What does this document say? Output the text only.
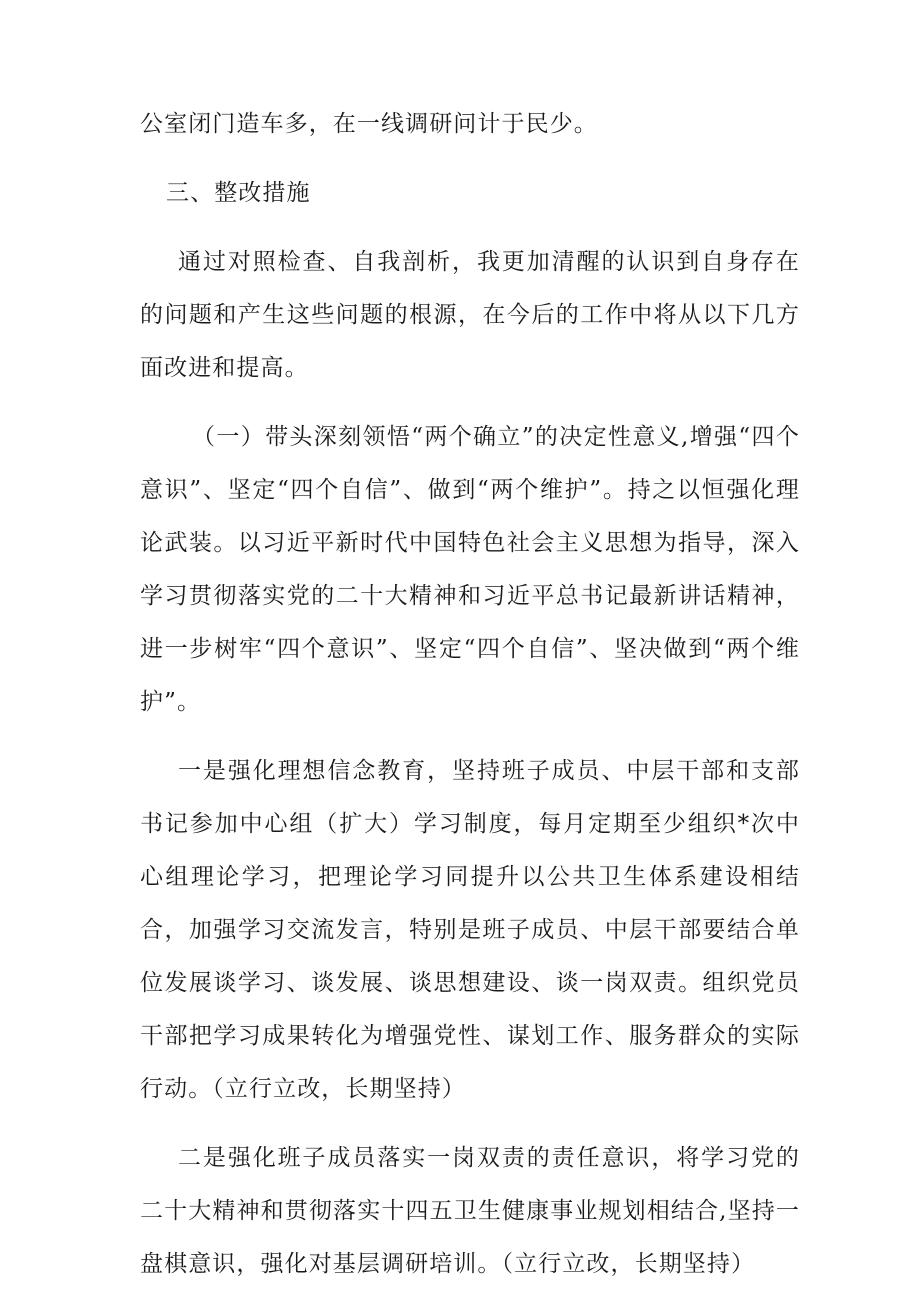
公室闭门造车多，在一线调研问计于民少。

三、整改措施

通过对照检查、自我剖析，我更加清醒的认识到自身存在的问题和产生这些问题的根源，在今后的工作中将从以下几方面改进和提高。

（一）带头深刻领悟“两个确立”的决定性意义,增强“四个意识”、坚定“四个自信”、做到“两个维护”。持之以恒强化理论武装。以习近平新时代中国特色社会主义思想为指导，深入学习贯彻落实党的二十大精神和习近平总书记最新讲话精神，进一步树牢“四个意识”、坚定“四个自信”、坚决做到“两个维护”。

一是强化理想信念教育，坚持班子成员、中层干部和支部书记参加中心组（扩大）学习制度，每月定期至少组织*次中心组理论学习，把理论学习同提升以公共卫生体系建设相结合，加强学习交流发言，特别是班子成员、中层干部要结合单位发展谈学习、谈发展、谈思想建设、谈一岗双责。组织党员干部把学习成果转化为增强党性、谋划工作、服务群众的实际行动。（立行立改，长期坚持）

二是强化班子成员落实一岗双责的责任意识，将学习党的二十大精神和贯彻落实十四五卫生健康事业规划相结合,坚持一盘棋意识，强化对基层调研培训。（立行立改，长期坚持）
